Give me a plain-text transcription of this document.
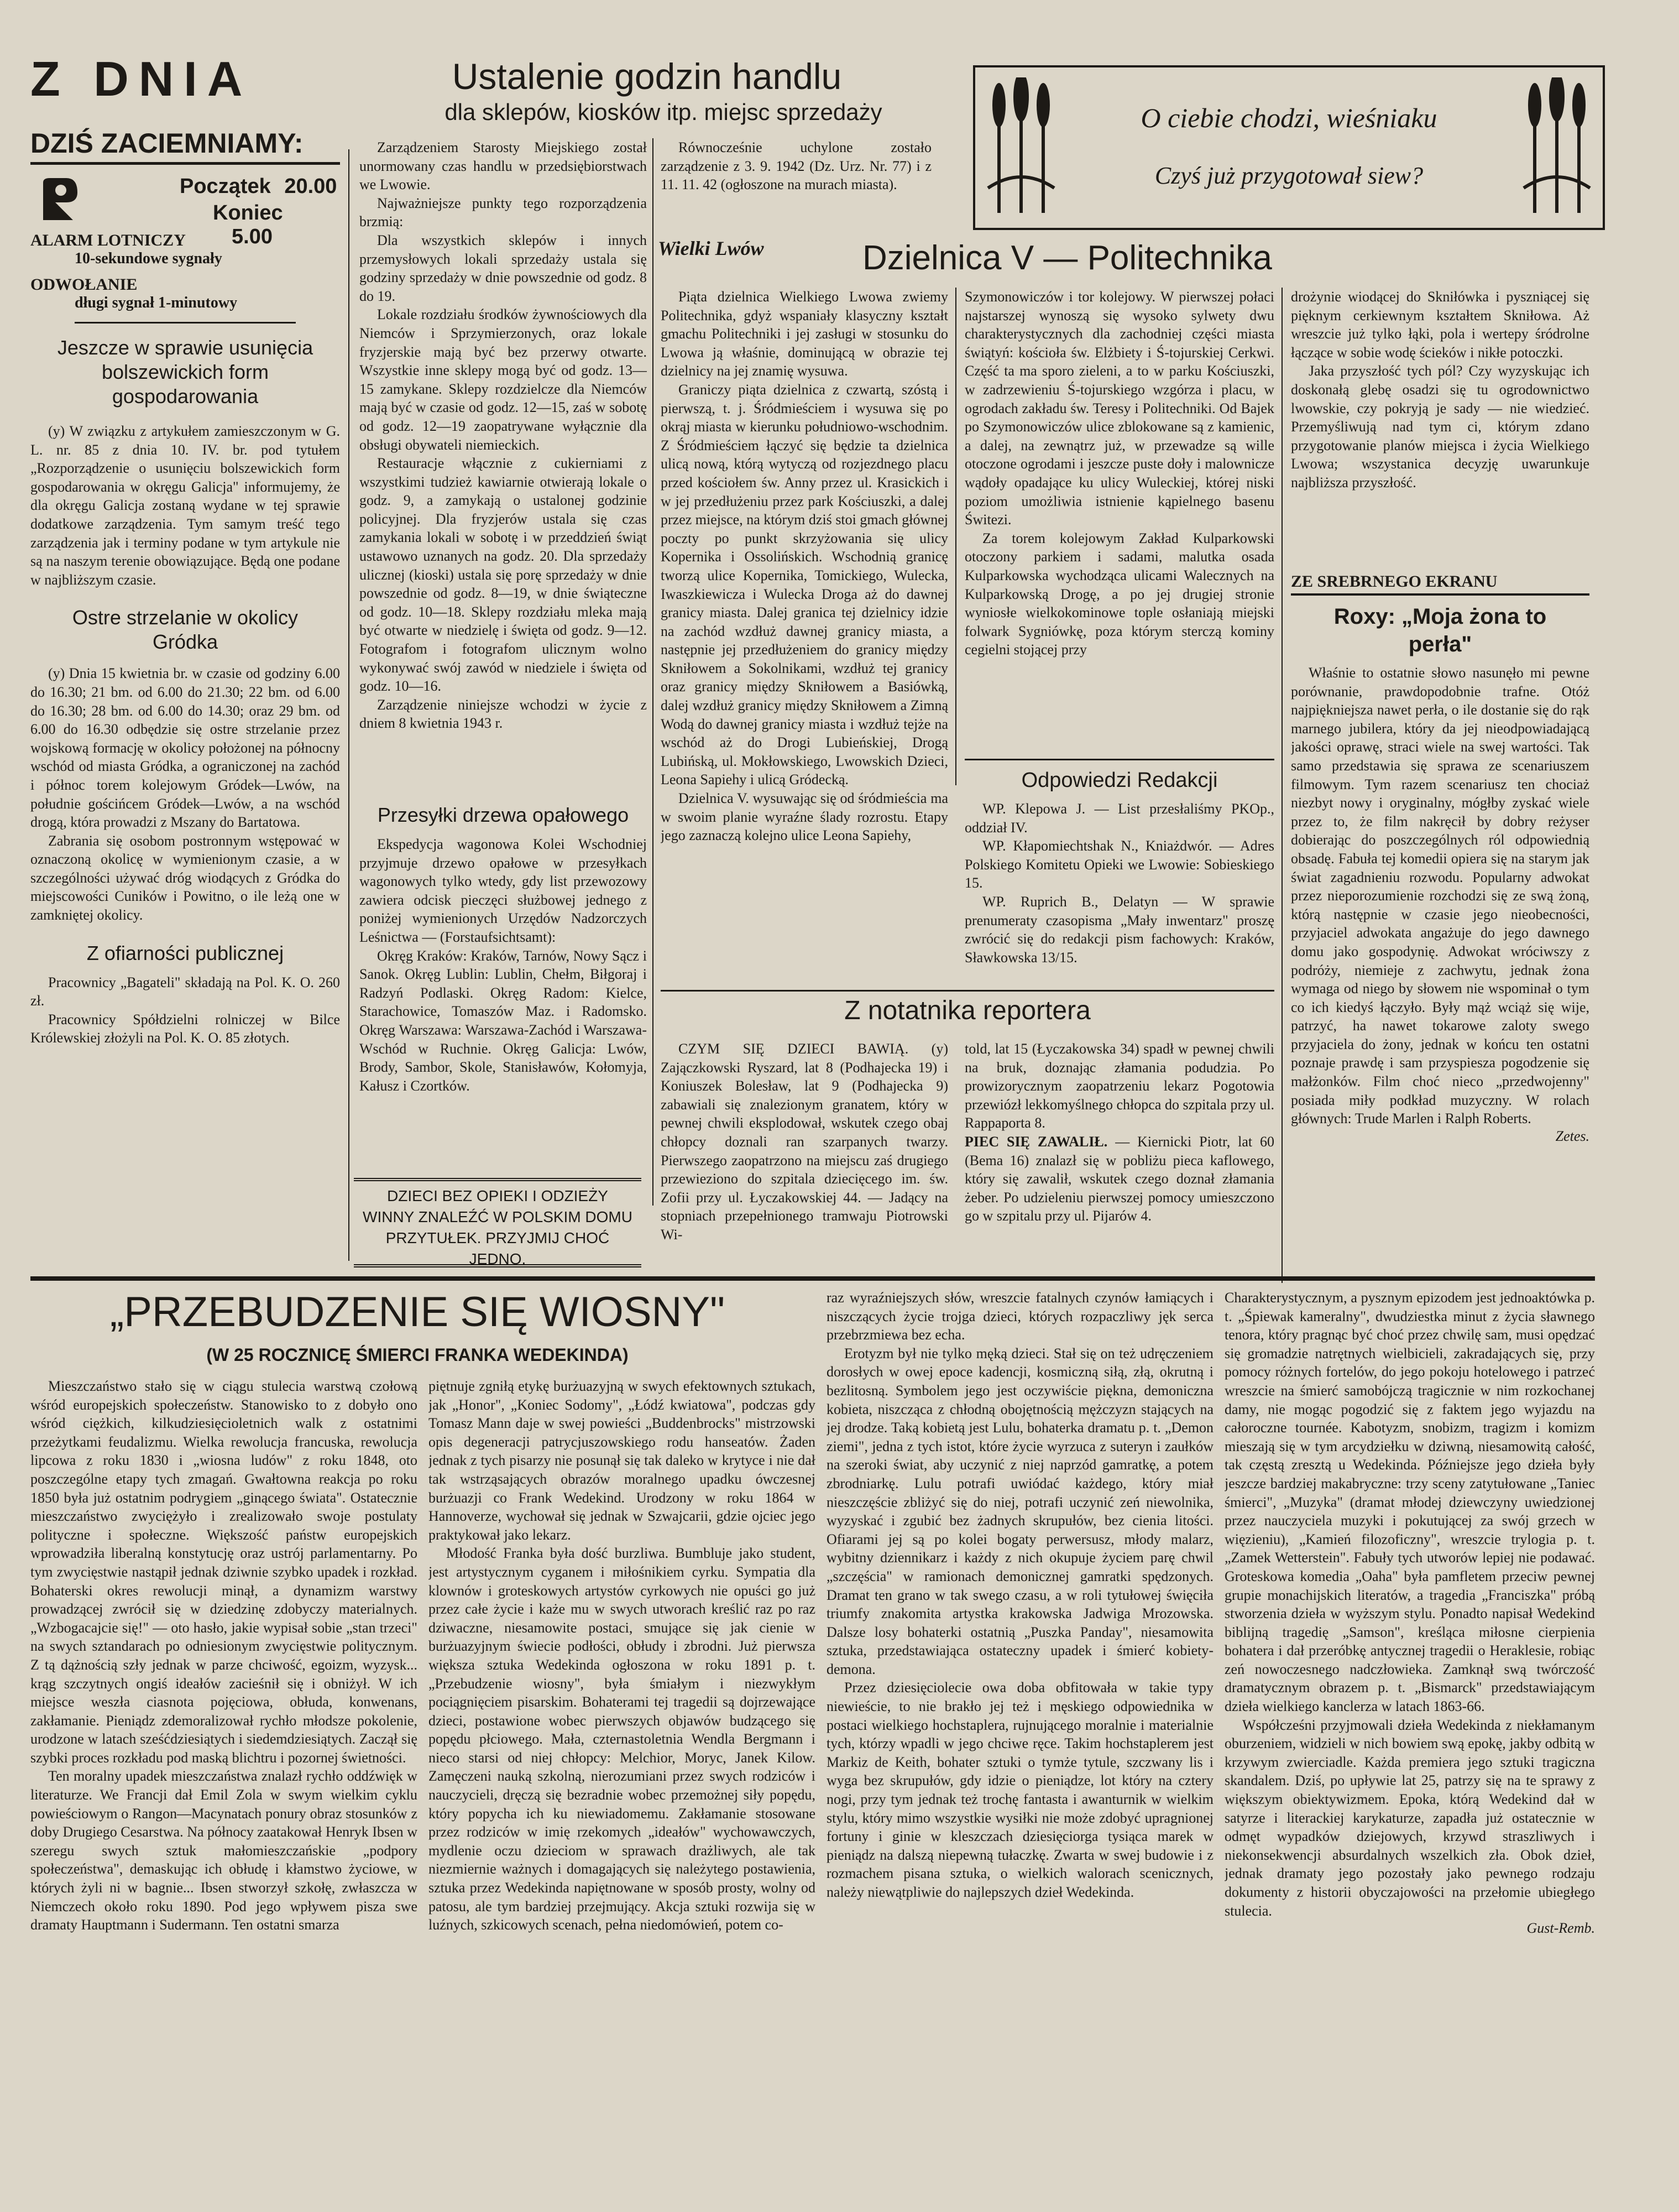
Z DNIA
DZIŚ ZACIEMNIAMY:
Początek 20.00
Koniec 5.00
ALARM LOTNICZY
10-sekundowe sygnały
ODWOŁANIE
długi sygnał 1-minutowy
Jeszcze w sprawie usunięcia bolszewickich form gospodarowania

(y) W związku z artykułem zamieszczonym w G. L. nr. 85 z dnia 10. IV. br. pod tytułem „Rozporządzenie o usunięciu bolszewickich form gospodarowania w okręgu Galicja" informujemy, że dla okręgu Galicja zostaną wydane w tej sprawie dodatkowe zarządzenia. Tym samym treść tego zarządzenia jak i terminy podane w tym artykule nie są na naszym terenie obowiązujące. Będą one podane w najbliższym czasie.

Ostre strzelanie w okolicy Gródka

(y) Dnia 15 kwietnia br. w czasie od godziny 6.00 do 16.30; 21 bm. od 6.00 do 21.30; 22 bm. od 6.00 do 16.30; 28 bm. od 6.00 do 14.30; oraz 29 bm. od 6.00 do 16.30 odbędzie się ostre strzelanie przez wojskową formację w okolicy położonej na północny wschód od miasta Gródka, a ograniczonej na zachód i północ torem kolejowym Gródek—Lwów, na południe gościńcem Gródek—Lwów, a na wschód drogą, która prowadzi z Mszany do Bartatowa.

Zabrania się osobom postronnym wstępować w oznaczoną okolicę w wymienionym czasie, a w szczególności używać dróg wiodących z Gródka do miejscowości Cuników i Powitno, o ile leżą one w zamkniętej okolicy.

Z ofiarności publicznej

Pracownicy „Bagateli" składają na Pol. K. O. 260 zł.

Pracownicy Spółdzielni rolniczej w Bilce Królewskiej złożyli na Pol. K. O. 85 złotych.

Ustalenie godzin handlu
dla sklepów, kiosków itp. miejsc sprzedaży

Zarządzeniem Starosty Miejskiego został unormowany czas handlu w przedsiębiorstwach we Lwowie.

Najważniejsze punkty tego rozporządzenia brzmią:

Dla wszystkich sklepów i innych przemysłowych lokali sprzedaży ustala się godziny sprzedaży w dnie powszednie od godz. 8 do 19.

Lokale rozdziału środków żywnościowych dla Niemców i Sprzymierzonych, oraz lokale fryzjerskie mają być bez przerwy otwarte. Wszystkie inne sklepy mogą być od godz. 13—15 zamykane. Sklepy rozdzielcze dla Niemców mają być w czasie od godz. 12—15, zaś w sobotę od godz. 12—19 zaopatrywane wyłącznie dla obsługi obywateli niemieckich.

Restauracje włącznie z cukierniami z wszystkimi tudzież kawiarnie otwierają lokale o godz. 9, a zamykają o ustalonej godzinie policyjnej. Dla fryzjerów ustala się czas zamykania lokali w sobotę i w przeddzień świąt ustawowo uznanych na godz. 20. Dla sprzedaży ulicznej (kioski) ustala się porę sprzedaży w dnie powszednie od godz. 8—19, w dnie świąteczne od godz. 10—18. Sklepy rozdziału mleka mają być otwarte w niedzielę i święta od godz. 9—12. Fotografom i fotografom ulicznym wolno wykonywać swój zawód w niedziele i święta od godz. 10—16.

Zarządzenie niniejsze wchodzi w życie z dniem 8 kwietnia 1943 r.

Równocześnie uchylone zostało zarządzenie z 3. 9. 1942 (Dz. Urz. Nr. 77) i z 11. 11. 42 (ogłoszone na murach miasta).

Przesyłki drzewa opałowego

Ekspedycja wagonowa Kolei Wschodniej przyjmuje drzewo opałowe w przesyłkach wagonowych tylko wtedy, gdy list przewozowy zawiera odcisk pieczęci służbowej jednego z poniżej wymienionych Urzędów Nadzorczych Leśnictwa — (Forstaufsichtsamt):

Okręg Kraków: Kraków, Tarnów, Nowy Sącz i Sanok. Okręg Lublin: Lublin, Chełm, Biłgoraj i Radzyń Podlaski. Okręg Radom: Kielce, Starachowice, Tomaszów Maz. i Radomsko. Okręg Warszawa: Warszawa-Zachód i Warszawa-Wschód w Ruchnie. Okręg Galicja: Lwów, Brody, Sambor, Skole, Stanisławów, Kołomyja, Kałusz i Czortków.

DZIECI BEZ OPIEKI I ODZIEŻY WINNY ZNALEŹĆ W POLSKIM DOMU PRZYTUŁEK. PRZYJMIJ CHOĆ JEDNO.
O ciebie chodzi, wieśniaku
Czyś już przygotował siew?
Wielki Lwów	Dzielnica V — Politechnika

Piąta dzielnica Wielkiego Lwowa zwiemy Politechnika, gdyż wspaniały klasyczny kształt gmachu Politechniki i jej zasługi w stosunku do Lwowa ją właśnie, dominującą w obrazie tej dzielnicy na jej znamię wysuwa.

Graniczy piąta dzielnica z czwartą, szóstą i pierwszą, t. j. Śródmieściem i wysuwa się po okrąj miasta w kierunku południowo-wschodnim. Z Śródmieściem łączyć się będzie ta dzielnica ulicą nową, którą wytyczą od rozjezdnego placu przed kościołem św. Anny przez ul. Krasickich i w jej przedłużeniu przez park Kościuszki, a dalej przez miejsce, na którym dziś stoi gmach głównej poczty po punkt skrzyżowania się ulicy Kopernika i Ossolińskich. Wschodnią granicę tworzą ulice Kopernika, Tomickiego, Wulecka, Iwaszkiewicza i Wulecka Droga aż do dawnej granicy miasta. Dalej granica tej dzielnicy idzie na zachód wzdłuż dawnej granicy miasta, a następnie jej przedłużeniem do granicy między Skniłowem a Sokolnikami, wzdłuż tej granicy oraz granicy między Skniłowem a Basiówką, dalej wzdłuż granicy między Skniłowem a Zimną Wodą do dawnej granicy miasta i wzdłuż tejże na wschód aż do Drogi Lubieńskiej, Drogą Lubińską, ul. Mokłowskiego, Lwowskich Dzieci, Leona Sapiehy i ulicą Gródecką.

Dzielnica V. wysuwając się od śródmieścia ma w swoim planie wyraźne ślady rozrostu. Etapy jego zaznaczą kolejno ulice Leona Sapiehy,

Szymonowiczów i tor kolejowy. W pierwszej połaci najstarszej wynoszą się wysoko sylwety dwu charakterystycznych dla zachodniej części miasta świątyń: kościoła św. Elżbiety i Ś-tojurskiej Cerkwi. Część ta ma sporo zieleni, a to w parku Kościuszki, w zadrzewieniu Ś-tojurskiego wzgórza i placu, w ogrodach zakładu św. Teresy i Politechniki. Od Bajek po Szymonowiczów ulice zblokowane są z kamienic, a dalej, na zewnątrz już, w przewadze są wille otoczone ogrodami i jeszcze puste doły i malownicze wądoły opadające ku ulicy Wuleckiej, której niski poziom umożliwia istnienie kąpielnego basenu Świtezi.

Za torem kolejowym Zakład Kulparkowski otoczony parkiem i sadami, malutka osada Kulparkowska wychodząca ulicami Walecznych na Kulparkowską Drogę, a po jej drugiej stronie wyniosłe wielkokominowe tople osłaniają miejski folwark Sygniówkę, poza którym sterczą kominy cegielni stojącej przy

drożynie wiodącej do Skniłówka i pyszniącej się pięknym cerkiewnym kształtem Skniłowa. Aż wreszcie już tylko łąki, pola i wertepy śródrolne łączące w sobie wodę ścieków i nikłe potoczki.

Jaka przyszłość tych pól? Czy wyzyskując ich doskonałą glebę osadzi się tu ogrodownictwo lwowskie, czy pokryją je sady — nie wiedzieć. Przemyśliwują nad tym ci, którym zdano przygotowanie planów miejsca i życia Wielkiego Lwowa; wszystanica decyzję uwarunkuje najbliższa przyszłość.

Odpowiedzi Redakcji

WP. Klepowa J. — List przesłaliśmy PKOp., oddział IV.

WP. Kłapomiechtshak N., Kniażdwór. — Adres Polskiego Komitetu Opieki we Lwowie: Sobieskiego 15.

WP. Ruprich B., Delatyn — W sprawie prenumeraty czasopisma „Mały inwentarz" proszę zwrócić się do redakcji pism fachowych: Kraków, Sławkowska 13/15.

Z notatnika reportera

CZYM SIĘ DZIECI BAWIĄ. (y) Zajączkowski Ryszard, lat 8 (Podhajecka 19) i Koniuszek Bolesław, lat 9 (Podhajecka 9) zabawiali się znalezionym granatem, który w pewnej chwili eksplodował, wskutek czego obaj chłopcy doznali ran szarpanych twarzy. Pierwszego zaopatrzono na miejscu zaś drugiego przewieziono do szpitala dziecięcego im. św. Zofii przy ul. Łyczakowskiej 44. — Jadący na stopniach przepełnionego tramwaju Piotrowski Wi-

told, lat 15 (Łyczakowska 34) spadł w pewnej chwili na bruk, doznając złamania podudzia. Po prowizorycznym zaopatrzeniu lekarz Pogotowia przewiózł lekkomyślnego chłopca do szpitala przy ul. Rappaporta 8.

PIEC SIĘ ZAWALIŁ. — Kiernicki Piotr, lat 60 (Bema 16) znalazł się w pobliżu pieca kaflowego, który się zawalił, wskutek czego doznał złamania żeber. Po udzieleniu pierwszej pomocy umieszczono go w szpitalu przy ul. Pijarów 4.

ZE SREBRNEGO EKRANU
Roxy: „Moja żona to perła"

Właśnie to ostatnie słowo nasunęło mi pewne porównanie, prawdopodobnie trafne. Otóż najpiękniejsza nawet perła, o ile dostanie się do rąk marnego jubilera, który da jej nieodpowiadającą jakości oprawę, straci wiele na swej wartości. Tak samo przedstawia się sprawa ze scenariuszem filmowym. Tym razem scenariusz ten chociaż niezbyt nowy i oryginalny, mógłby zyskać wiele przez to, że film nakręcił by dobry reżyser dobierając do poszczególnych ról odpowiednią obsadę. Fabuła tej komedii opiera się na starym jak świat zagadnieniu rozwodu. Popularny adwokat przez nieporozumienie rozchodzi się ze swą żoną, którą następnie w czasie jego nieobecności, przyjaciel adwokata angażuje do jego dawnego domu jako gospodynię. Adwokat wróciwszy z podróży, niemieje z zachwytu, jednak żona wymaga od niego by słowem nie wspominał o tym co ich kiedyś łączyło. Były mąż wciąż się wije, patrzyć, ha nawet tokarowe zaloty swego przyjaciela do żony, jednak w końcu ten ostatni poznaje prawdę i sam przyspiesza pogodzenie się małżonków. Film choć nieco „przedwojenny" posiada miły podkład muzyczny. W rolach głównych: Trude Marlen i Ralph Roberts.

Zetes.
„PRZEBUDZENIE SIĘ WIOSNY"
(W 25 ROCZNICĘ ŚMIERCI FRANKA WEDEKINDA)

Mieszczaństwo stało się w ciągu stulecia warstwą czołową wśród europejskich społeczeństw. Stanowisko to z dobyło ono wśród ciężkich, kilkudziesięcioletnich walk z ostatnimi przeżytkami feudalizmu. Wielka rewolucja francuska, rewolucja lipcowa z roku 1830 i „wiosna ludów" z roku 1848, oto poszczególne etapy tych zmagań. Gwałtowna reakcja po roku 1850 była już ostatnim podrygiem „ginącego świata". Ostatecznie mieszczaństwo zwyciężyło i zrealizowało swoje postulaty polityczne i społeczne. Większość państw europejskich wprowadziła liberalną konstytucję oraz ustrój parlamentarny. Po tym zwycięstwie nastąpił jednak dziwnie szybko upadek i rozkład. Bohaterski okres rewolucji minął, a dynamizm warstwy prowadzącej zwrócił się w dziedzinę zdobyczy materialnych. „Wzbogacajcie się!" — oto hasło, jakie wypisał sobie „stan trzeci" na swych sztandarach po odniesionym zwycięstwie politycznym. Z tą dążnością szły jednak w parze chciwość, egoizm, wyzysk... krąg szczytnych ongiś ideałów zacieśnił się i obniżył. W ich miejsce weszła ciasnota pojęciowa, obłuda, konwenans, zakłamanie. Pieniądz zdemoralizował rychło młodsze pokolenie, urodzone w latach sześćdziesiątych i siedemdziesiątych. Zaczął się szybki proces rozkładu pod maską blichtru i pozornej świetności.

Ten moralny upadek mieszczaństwa znalazł rychło oddźwięk w literaturze. We Francji dał Emil Zola w swym wielkim cyklu powieściowym o Rangon—Macynatach ponury obraz stosunków z doby Drugiego Cesarstwa. Na północy zaatakował Henryk Ibsen w szeregu swych sztuk małomieszczańskie „podpory społeczeństwa", demaskując ich obłudę i kłamstwo życiowe, w których żyli ni w bagnie... Ibsen stworzył szkołę, zwłaszcza w Niemczech około roku 1890. Pod jego wpływem pisza swe dramaty Hauptmann i Sudermann. Ten ostatni smarza

piętnuje zgniłą etykę burżuazyjną w swych efektownych sztukach, jak „Honor", „Koniec Sodomy", „Łódź kwiatowa", podczas gdy Tomasz Mann daje w swej powieści „Buddenbrocks" mistrzowski opis degeneracji patrycjuszowskiego rodu hanseatów. Żaden jednak z tych pisarzy nie posunął się tak daleko w krytyce i nie dał tak wstrząsających obrazów moralnego upadku ówczesnej burżuazji co Frank Wedekind. Urodzony w roku 1864 w Hannoverze, wychował się jednak w Szwajcarii, gdzie ojciec jego praktykował jako lekarz.

Młodość Franka była dość burzliwa. Bumbluje jako student, jest artystycznym cyganem i miłośnikiem cyrku. Sympatia dla klownów i groteskowych artystów cyrkowych nie opuści go już przez całe życie i każe mu w swych utworach kreślić raz po raz dziwaczne, niesamowite postaci, smujące się jak cienie w burżuazyjnym świecie podłości, obłudy i zbrodni. Już pierwsza większa sztuka Wedekinda ogłoszona w roku 1891 p. t. „Przebudzenie wiosny", była śmiałym i niezwykłym pociągnięciem pisarskim. Bohaterami tej tragedii są dojrzewające dzieci, postawione wobec pierwszych objawów budzącego się popędu płciowego. Mała, czternastoletnia Wendla Bergmann i nieco starsi od niej chłopcy: Melchior, Moryc, Janek Kilow. Zamęczeni nauką szkolną, nierozumiani przez swych rodziców i nauczycieli, dręczą się bezradnie wobec przemożnej siły popędu, który popycha ich ku niewiadomemu. Zakłamanie stosowane przez rodziców w imię rzekomych „ideałów" wychowawczych, mydlenie oczu dzieciom w sprawach drażliwych, ale tak niezmiernie ważnych i domagających się należytego postawienia, sztuka przez Wedekinda napiętnowane w sposób prosty, wolny od patosu, ale tym bardziej przejmujący. Akcja sztuki rozwija się w luźnych, szkicowych scenach, pełna niedomówień, potem co-

raz wyraźniejszych słów, wreszcie fatalnych czynów łamiących i niszczących życie trojga dzieci, których rozpaczliwy jęk serca przebrzmiewa bez echa.

Erotyzm był nie tylko męką dzieci. Stał się on też udręczeniem dorosłych w owej epoce kadencji, kosmiczną siłą, złą, okrutną i bezlitosną. Symbolem jego jest oczywiście piękna, demoniczna kobieta, niszcząca z chłodną obojętnością mężczyzn stających na jej drodze. Taką kobietą jest Lulu, bohaterka dramatu p. t. „Demon ziemi", jedna z tych istot, które życie wyrzuca z suteryn i zaułków na szeroki świat, aby uczynić z niej naprzód gamratkę, a potem zbrodniarkę. Lulu potrafi uwiódać każdego, który miał nieszczęście zbliżyć się do niej, potrafi uczynić zeń niewolnika, wyzyskać i zgubić bez żadnych skrupułów, bez cienia litości. Ofiarami jej są po kolei bogaty perwersusz, młody malarz, wybitny dziennikarz i każdy z nich okupuje życiem parę chwil „szczęścia" w ramionach demonicznej gamratki spędzonych. Dramat ten grano w tak swego czasu, a w roli tytułowej święciła triumfy znakomita artystka krakowska Jadwiga Mrozowska. Dalsze losy bohaterki ostatnią „Puszka Panday", niesamowita sztuka, przedstawiająca ostateczny upadek i śmierć kobiety-demona.

Przez dziesięciolecie owa doba obfitowała w takie typy niewieście, to nie brakło jej też i męskiego odpowiednika w postaci wielkiego hochstaplera, rujnującego moralnie i materialnie tych, którzy wpadli w jego chciwe ręce. Takim hochstaplerem jest Markiz de Keith, bohater sztuki o tymże tytule, szczwany lis i wyga bez skrupułów, gdy idzie o pieniądze, lot który na cztery nogi, przy tym jednak też trochę fantasta i awanturnik w wielkim stylu, który mimo wszystkie wysiłki nie może zdobyć upragnionej fortuny i ginie w kleszczach dziesięciorga tysiąca marek w pieniądz na dalszą niepewną tułaczkę. Zwarta w swej budowie i z rozmachem pisana sztuka, o wielkich walorach scenicznych, należy niewątpliwie do najlepszych dzieł Wedekinda.

Charakterystycznym, a pysznym epizodem jest jednoaktówka p. t. „Śpiewak kameralny", dwudziestka minut z życia sławnego tenora, który pragnąc być choć przez chwilę sam, musi opędzać się gromadzie natrętnych wielbicieli, zakradających się, przy pomocy różnych fortelów, do jego pokoju hotelowego i patrzeć wreszcie na śmierć samobójczą tragicznie w nim rozkochanej damy, nie mogąc pogodzić się z faktem jego wyjazdu na całoroczne tournée. Kabotyzm, snobizm, tragizm i komizm mieszają się w tym arcydziełku w dziwną, niesamowitą całość, tak częstą zresztą u Wedekinda. Późniejsze jego dzieła były jeszcze bardziej makabryczne: trzy sceny zatytułowane „Taniec śmierci", „Muzyka" (dramat młodej dziewczyny uwiedzionej przez nauczyciela muzyki i pokutującej za swój grzech w więzieniu), „Kamień filozoficzny", wreszcie trylogia p. t. „Zamek Wetterstein". Fabuły tych utworów lepiej nie podawać. Groteskowa komedia „Oaha" była pamfletem przeciw pewnej grupie monachijskich literatów, a tragedia „Franciszka" próbą stworzenia dzieła w wyższym stylu. Ponadto napisał Wedekind biblijną tragedię „Samson", kreśląca miłosne cierpienia bohatera i dał przeróbkę antycznej tragedii o Heraklesie, robiąc zeń nowoczesnego nadczłowieka. Zamknął swą twórczość dramatycznym obrazem p. t. „Bismarck" przedstawiającym dzieła wielkiego kanclerza w latach 1863-66.

Współcześni przyjmowali dzieła Wedekinda z niekłamanym oburzeniem, widzieli w nich bowiem swą epokę, jakby odbitą w krzywym zwierciadle. Każda premiera jego sztuki tragiczna skandalem. Dziś, po upływie lat 25, patrzy się na te sprawy z większym obiektywizmem. Epoka, którą Wedekind dał w satyrze i literackiej karykaturze, zapadła już ostatecznie w odmęt wypadków dziejowych, krzywd straszliwych i niekonsekwencji absurdalnych wszelkich zła. Obok dzieł, jednak dramaty jego pozostały jako pewnego rodzaju dokumenty z historii obyczajowości na przełomie ubiegłego stulecia.

Gust-Remb.
